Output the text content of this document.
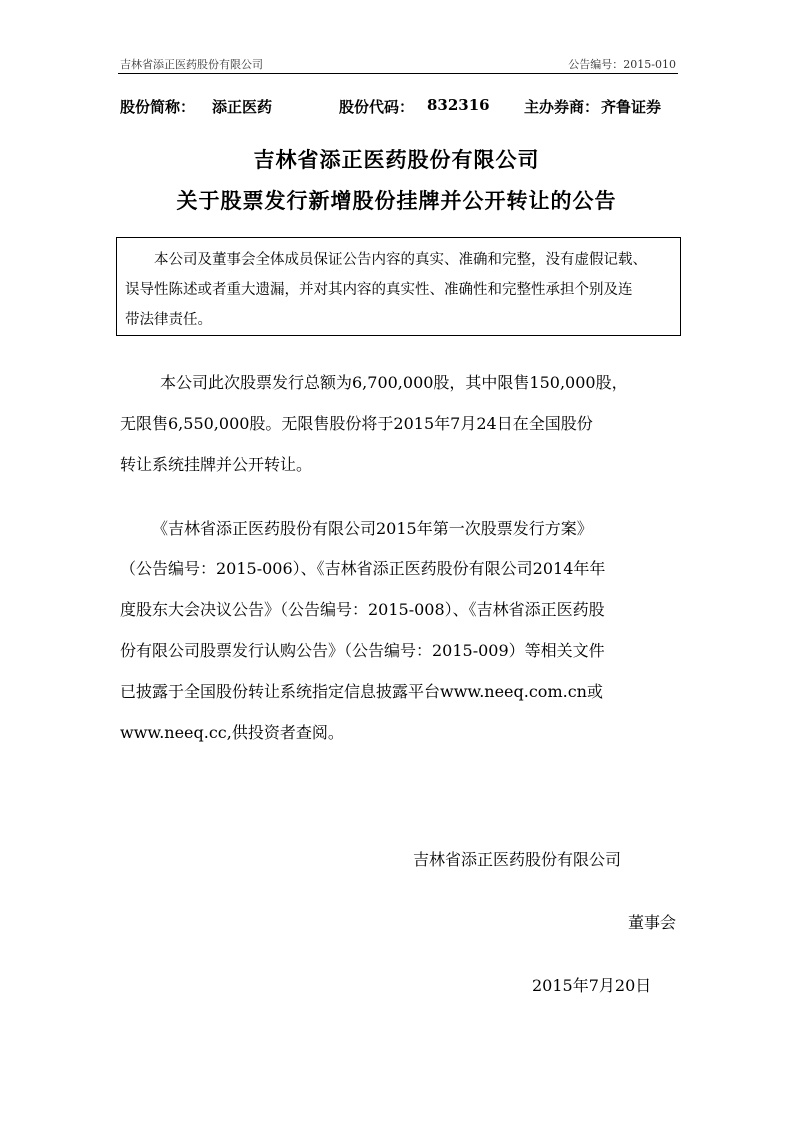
吉林省添正医药股份有限公司	公告编号：2015-010
股份简称： 添正医药	股份代码： 832316 主办券商： 齐鲁证券
吉林省添正医药股份有限公司
关于股票发行新增股份挂牌并公开转让的公告
本公司及董事会全体成员保证公告内容的真实、准确和完整，没有虚假记载、
误导性陈述或者重大遗漏，并对其内容的真实性、准确性和完整性承担个别及连
带法律责任。
本公司此次股票发行总额为6,700,000股，其中限售150,000股，
无限售6,550,000股。无限售股份将于2015年7月24日在全国股份
转让系统挂牌并公开转让。
《吉林省添正医药股份有限公司2015年第一次股票发行方案》
（公告编号：2015-006）、《吉林省添正医药股份有限公司2014年年
度股东大会决议公告》（公告编号：2015-008）、《吉林省添正医药股
份有限公司股票发行认购公告》（公告编号：2015-009）等相关文件
已披露于全国股份转让系统指定信息披露平台www.neeq.com.cn或
www.neeq.cc,供投资者查阅。
吉林省添正医药股份有限公司
董事会
2015年7月20日
